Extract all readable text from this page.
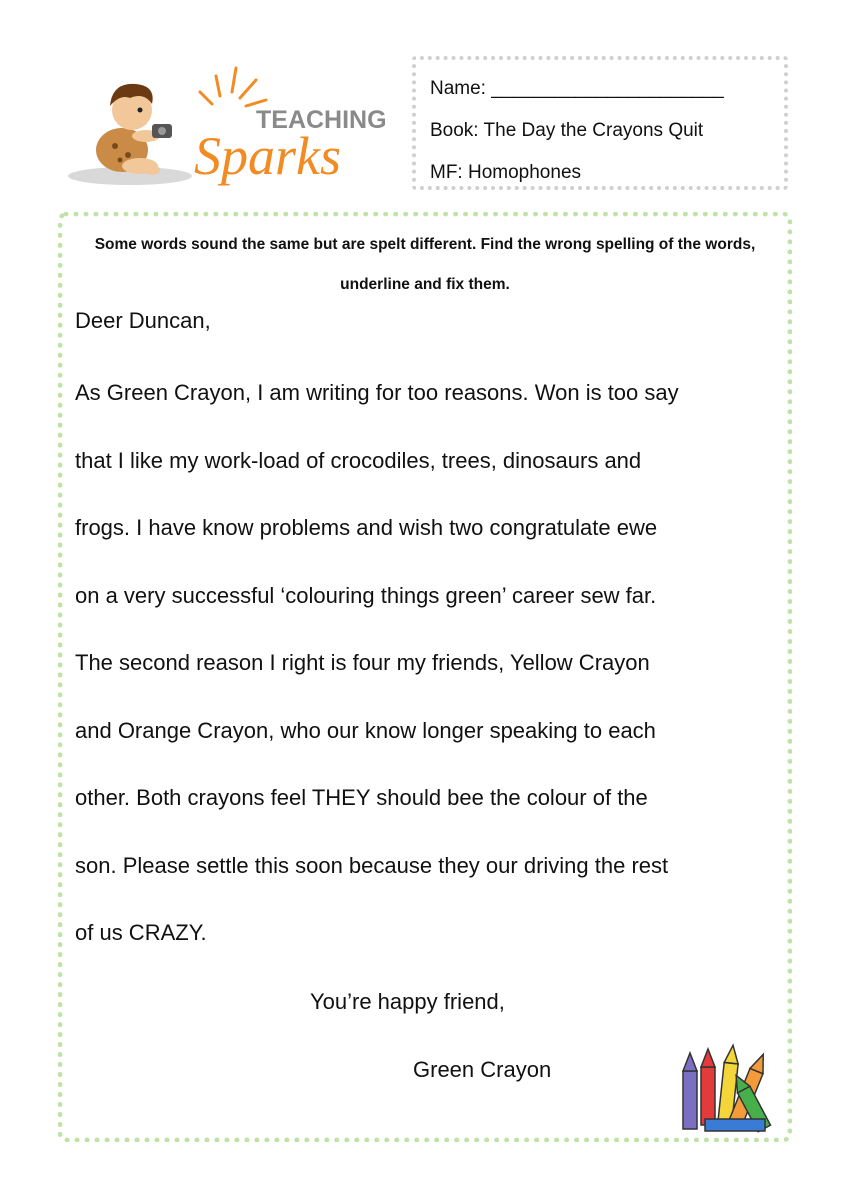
TEACHING
Sparks
Name: ______________________
Book: The Day the Crayons Quit
MF: Homophones
Some words sound the same but are spelt different. Find the wrong spelling of the words, underline and fix them.
Deer Duncan,
As Green Crayon, I am writing for too reasons. Won is too say
that I like my work-load of crocodiles, trees, dinosaurs and
frogs. I have know problems and wish two congratulate ewe
on a very successful ‘colouring things green’ career sew far.
The second reason I right is four my friends, Yellow Crayon
and Orange Crayon, who our know longer speaking to each
other. Both crayons feel THEY should bee the colour of the
son. Please settle this soon because they our driving the rest
of us CRAZY.
You’re happy friend,
Green Crayon
